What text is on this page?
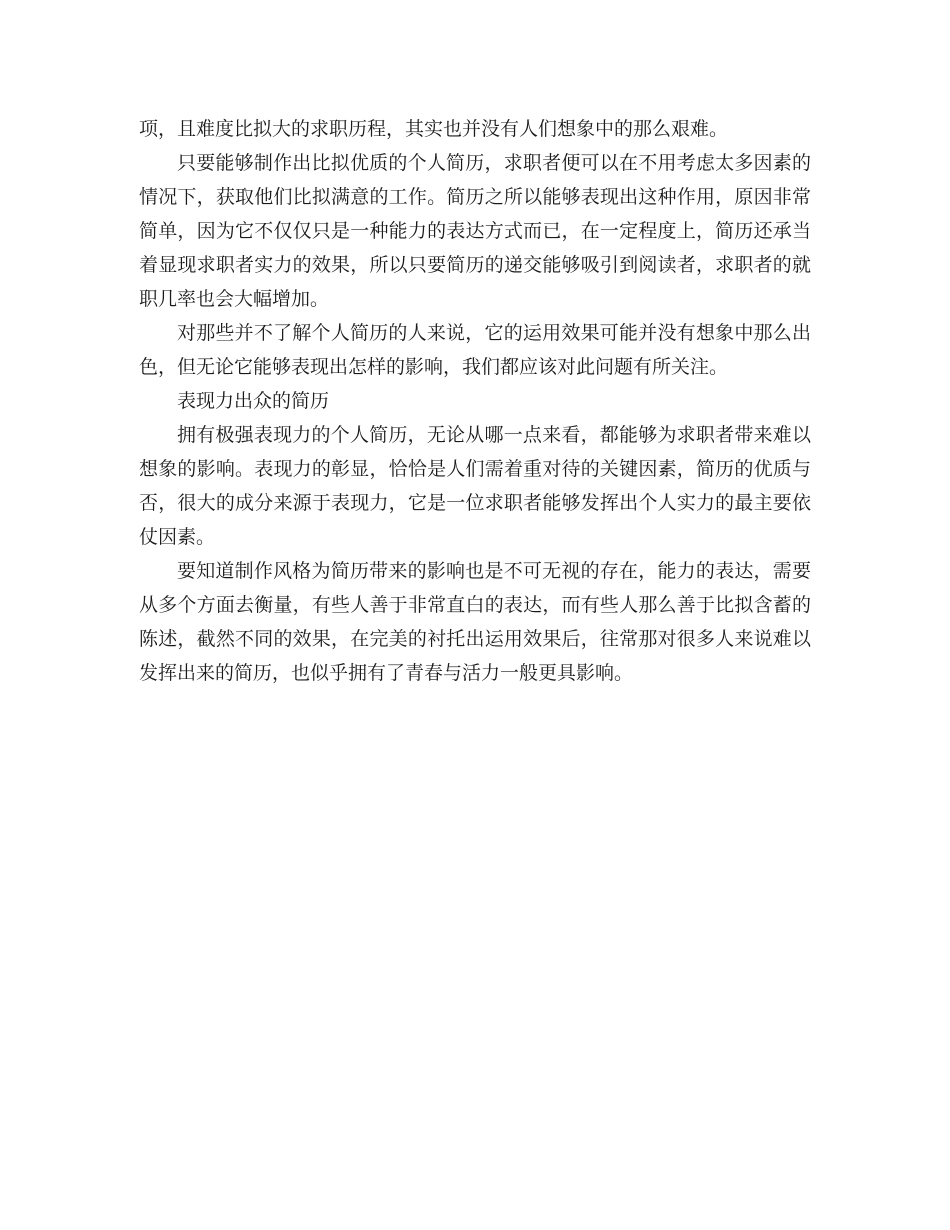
项，且难度比拟大的求职历程，其实也并没有人们想象中的那么艰难。

只要能够制作出比拟优质的个人简历，求职者便可以在不用考虑太多因素的情况下，获取他们比拟满意的工作。简历之所以能够表现出这种作用，原因非常简单，因为它不仅仅只是一种能力的表达方式而已，在一定程度上，简历还承当着显现求职者实力的效果，所以只要简历的递交能够吸引到阅读者，求职者的就职几率也会大幅增加。

对那些并不了解个人简历的人来说，它的运用效果可能并没有想象中那么出色，但无论它能够表现出怎样的影响，我们都应该对此问题有所关注。

表现力出众的简历

拥有极强表现力的个人简历，无论从哪一点来看，都能够为求职者带来难以想象的影响。表现力的彰显，恰恰是人们需着重对待的关键因素，简历的优质与否，很大的成分来源于表现力，它是一位求职者能够发挥出个人实力的最主要依仗因素。

要知道制作风格为简历带来的影响也是不可无视的存在，能力的表达，需要从多个方面去衡量，有些人善于非常直白的表达，而有些人那么善于比拟含蓄的陈述，截然不同的效果，在完美的衬托出运用效果后，往常那对很多人来说难以发挥出来的简历，也似乎拥有了青春与活力一般更具影响。
